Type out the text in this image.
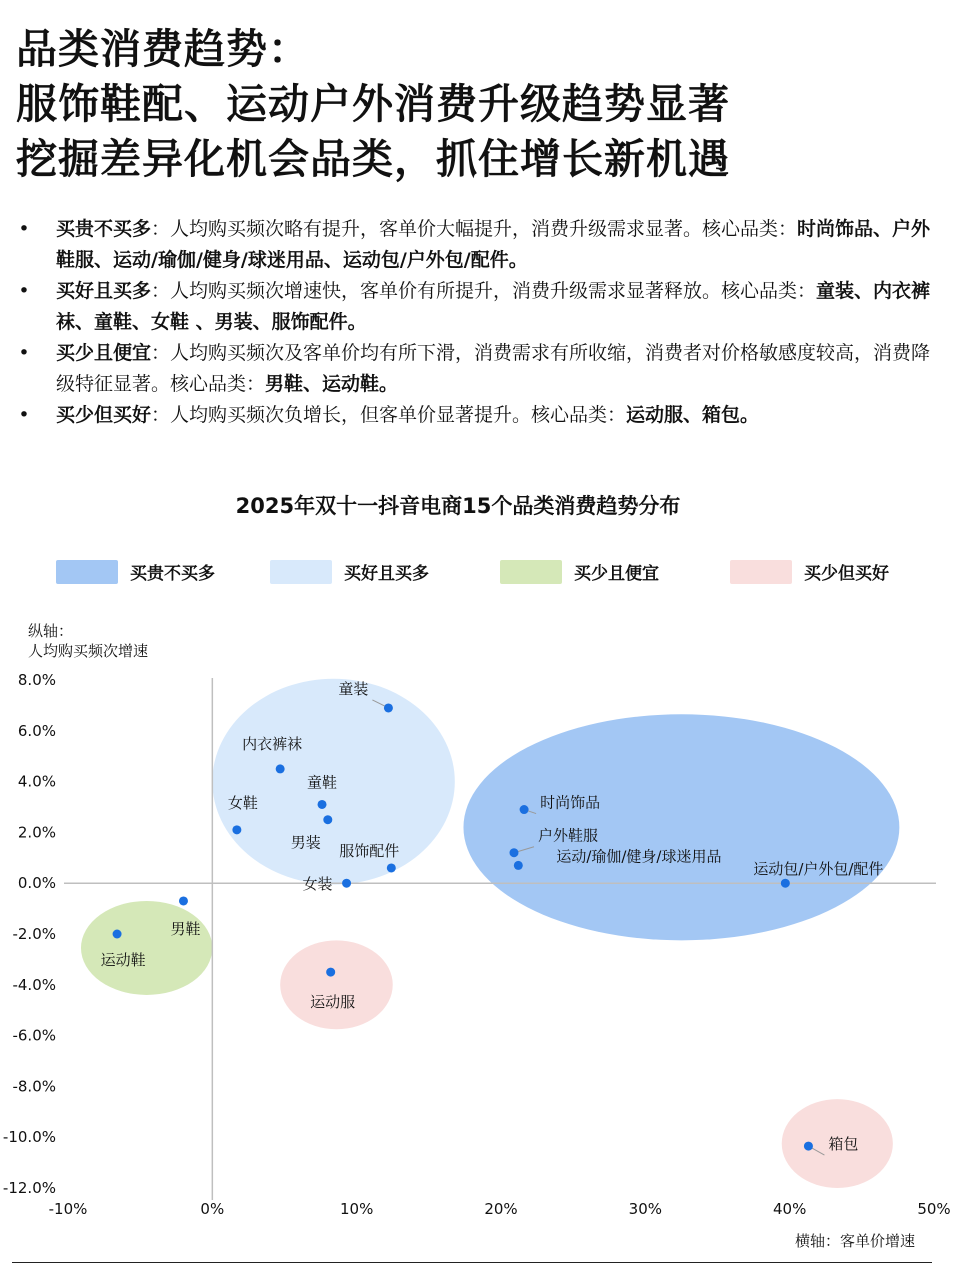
品类消费趋势：
服饰鞋配、运动户外消费升级趋势显著
挖掘差异化机会品类，抓住增长新机遇
• 买贵不买多：人均购买频次略有提升，客单价大幅提升，消费升级需求显著。核心品类：时尚饰品、户外鞋服、运动/瑜伽/健身/球迷用品、运动包/户外包/配件。
• 买好且买多：人均购买频次增速快，客单价有所提升，消费升级需求显著释放。核心品类：童装、内衣裤袜、童鞋、女鞋 、男装、服饰配件。
• 买少且便宜：人均购买频次及客单价均有所下滑，消费需求有所收缩，消费者对价格敏感度较高，消费降级特征显著。核心品类：男鞋、运动鞋。
• 买少但买好：人均购买频次负增长，但客单价显著提升。核心品类：运动服、箱包。
2025年双十一抖音电商15个品类消费趋势分布
买贵不买多	买好且买多	买少且便宜	买少但买好
8.0%
6.0%
4.0%
2.0%
0.0%
-2.0%
-4.0%
-6.0%
-8.0%
-10.0%
-12.0%
-10%	0%	10%	20%	30%	40%	50%
童装
内衣裤袜
童鞋
女鞋
男装 服饰配件
女装
时尚饰品
户外鞋服
运动/瑜伽/健身/球迷用品
运动包/户外包/配件
男鞋
运动鞋
运动服
箱包
纵轴：
人均购买频次增速
横轴：客单价增速
